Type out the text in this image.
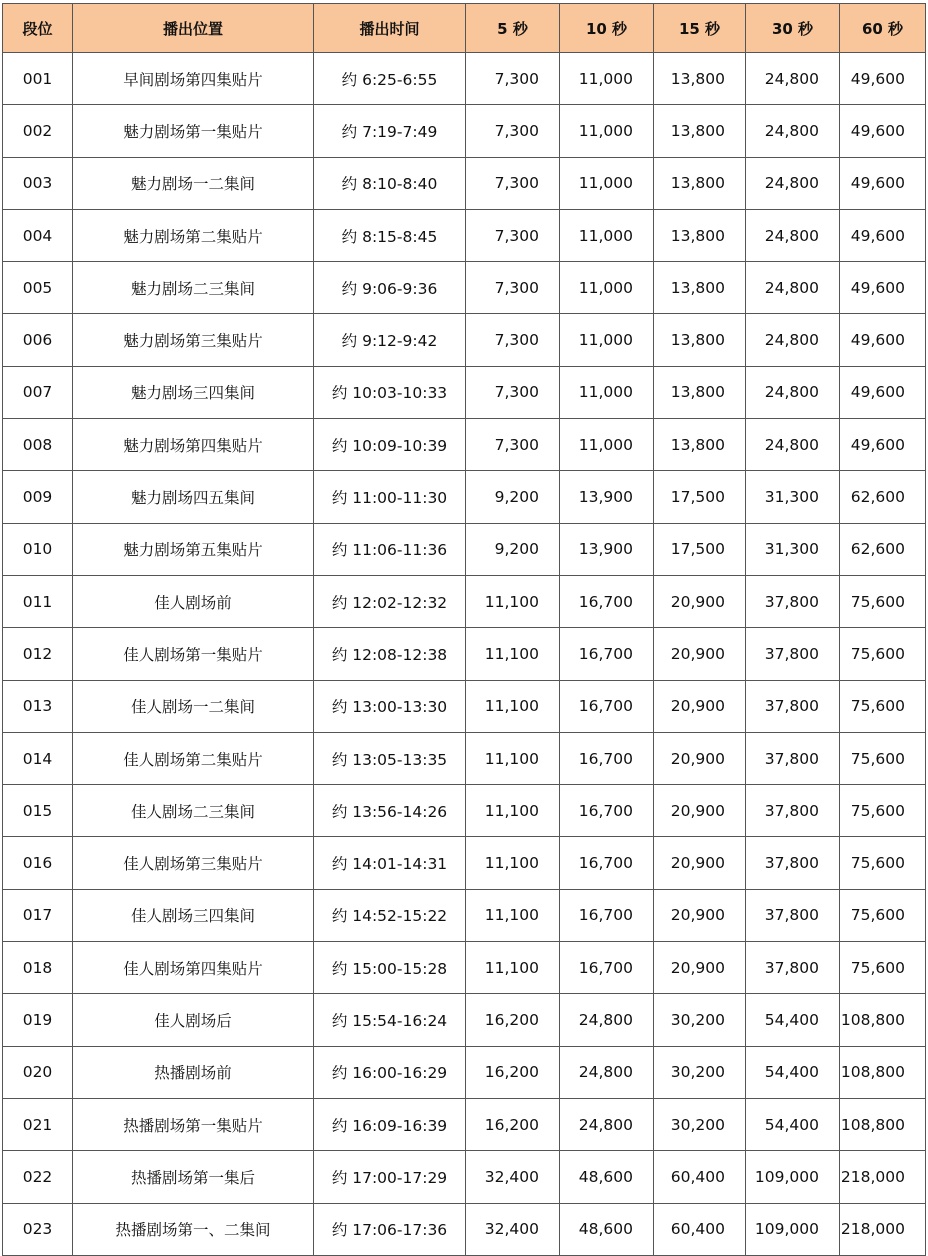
段位	播出位置	播出时间	5 秒	10 秒	15 秒	30 秒	60 秒
001	早间剧场第四集贴片	约 6:25-6:55	7,300	11,000	13,800	24,800	49,600
002	魅力剧场第一集贴片	约 7:19-7:49	7,300	11,000	13,800	24,800	49,600
003	魅力剧场一二集间	约 8:10-8:40	7,300	11,000	13,800	24,800	49,600
004	魅力剧场第二集贴片	约 8:15-8:45	7,300	11,000	13,800	24,800	49,600
005	魅力剧场二三集间	约 9:06-9:36	7,300	11,000	13,800	24,800	49,600
006	魅力剧场第三集贴片	约 9:12-9:42	7,300	11,000	13,800	24,800	49,600
007	魅力剧场三四集间	约 10:03-10:33	7,300	11,000	13,800	24,800	49,600
008	魅力剧场第四集贴片	约 10:09-10:39	7,300	11,000	13,800	24,800	49,600
009	魅力剧场四五集间	约 11:00-11:30	9,200	13,900	17,500	31,300	62,600
010	魅力剧场第五集贴片	约 11:06-11:36	9,200	13,900	17,500	31,300	62,600
011	佳人剧场前	约 12:02-12:32	11,100	16,700	20,900	37,800	75,600
012	佳人剧场第一集贴片	约 12:08-12:38	11,100	16,700	20,900	37,800	75,600
013	佳人剧场一二集间	约 13:00-13:30	11,100	16,700	20,900	37,800	75,600
014	佳人剧场第二集贴片	约 13:05-13:35	11,100	16,700	20,900	37,800	75,600
015	佳人剧场二三集间	约 13:56-14:26	11,100	16,700	20,900	37,800	75,600
016	佳人剧场第三集贴片	约 14:01-14:31	11,100	16,700	20,900	37,800	75,600
017	佳人剧场三四集间	约 14:52-15:22	11,100	16,700	20,900	37,800	75,600
018	佳人剧场第四集贴片	约 15:00-15:28	11,100	16,700	20,900	37,800	75,600
019	佳人剧场后	约 15:54-16:24	16,200	24,800	30,200	54,400	108,800
020	热播剧场前	约 16:00-16:29	16,200	24,800	30,200	54,400	108,800
021	热播剧场第一集贴片	约 16:09-16:39	16,200	24,800	30,200	54,400	108,800
022	热播剧场第一集后	约 17:00-17:29	32,400	48,600	60,400	109,000	218,000
023	热播剧场第一、二集间	约 17:06-17:36	32,400	48,600	60,400	109,000	218,000
